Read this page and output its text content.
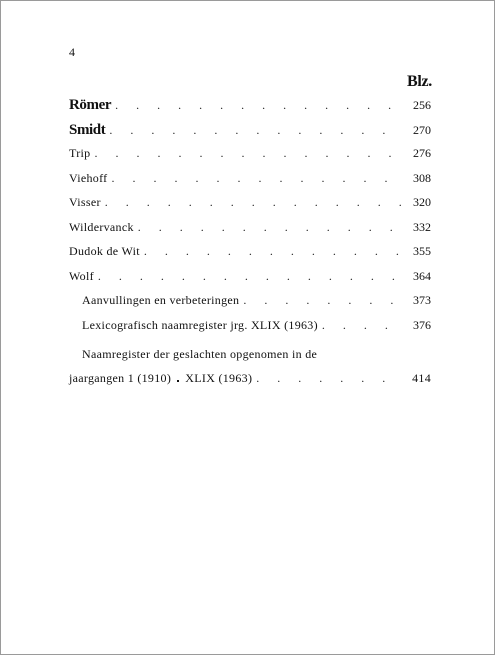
4
Blz.
Römer . . .	256
Smidt . . .	270
Trip . . .	276
Viehoff . . .	308
Visser . . .	320
Wildervanck . . .	332
Dudok de Wit . . .	355
Wolf . . .	364
Aanvullingen en verbeteringen . . .	373
Lexicografisch naamregister jrg. XLIX (1963) . . .	376
Naamregister der geslachten opgenomen in de
jaargangen 1 (1910) XLIX (1963) . . .	414
